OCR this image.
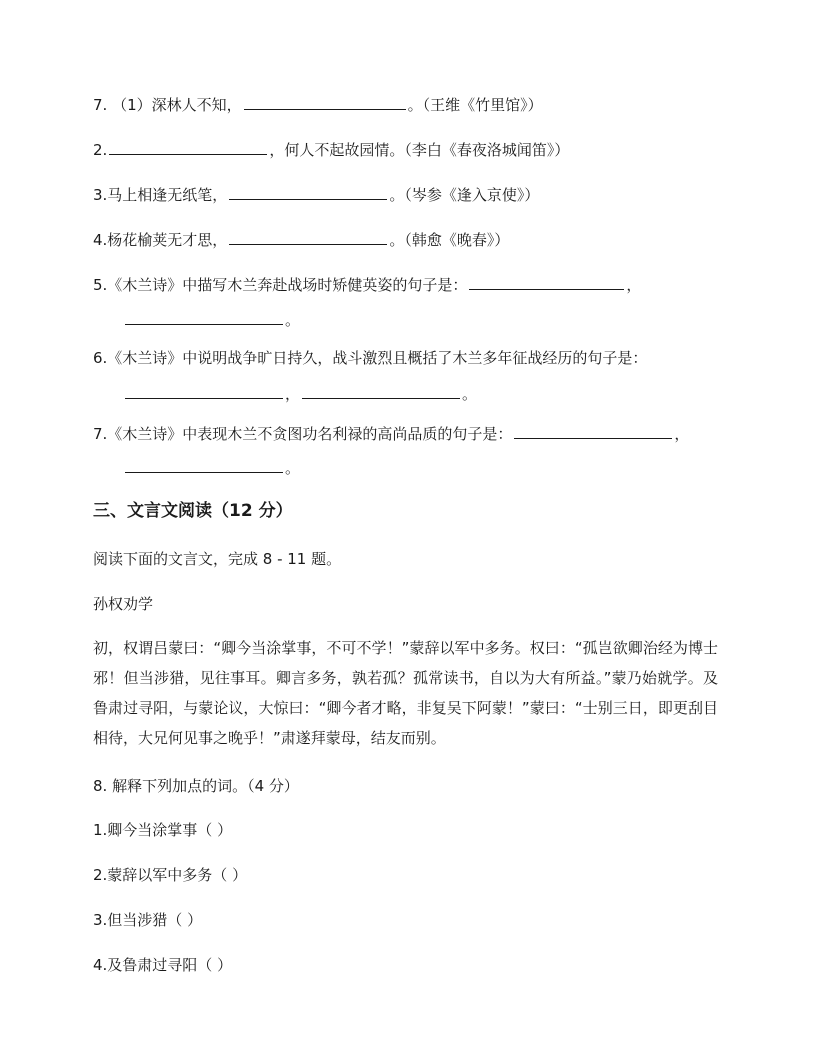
7. （1）深林人不知，	。（王维《竹里馆》）
2.	，何人不起故园情。（李白《春夜洛城闻笛》）
3.马上相逢无纸笔，	。（岑参《逢入京使》）
4.杨花榆荚无才思，	。（韩愈《晚春》）
5.《木兰诗》中描写木兰奔赴战场时矫健英姿的句子是：	，
。
6.《木兰诗》中说明战争旷日持久，战斗激烈且概括了木兰多年征战经历的句子是：
，	。
7.《木兰诗》中表现木兰不贪图功名利禄的高尚品质的句子是：	，
。
三、文言文阅读（12 分）
阅读下面的文言文，完成 8 - 11 题。
孙权劝学
初，权谓吕蒙曰：“卿今当涂掌事，不可不学！”蒙辞以军中多务。权曰：“孤岂欲卿治经为博士邪！但当涉猎，见往事耳。卿言多务，孰若孤？孤常读书，自以为大有所益。”蒙乃始就学。及鲁肃过寻阳，与蒙论议，大惊曰：“卿今者才略，非复吴下阿蒙！”蒙曰：“士别三日，即更刮目相待，大兄何见事之晚乎！”肃遂拜蒙母，结友而别。
8. 解释下列加点的词。（4 分）
1.卿今当涂掌事（ ）
2.蒙辞以军中多务（ ）
3.但当涉猎（ ）
4.及鲁肃过寻阳（ ）
